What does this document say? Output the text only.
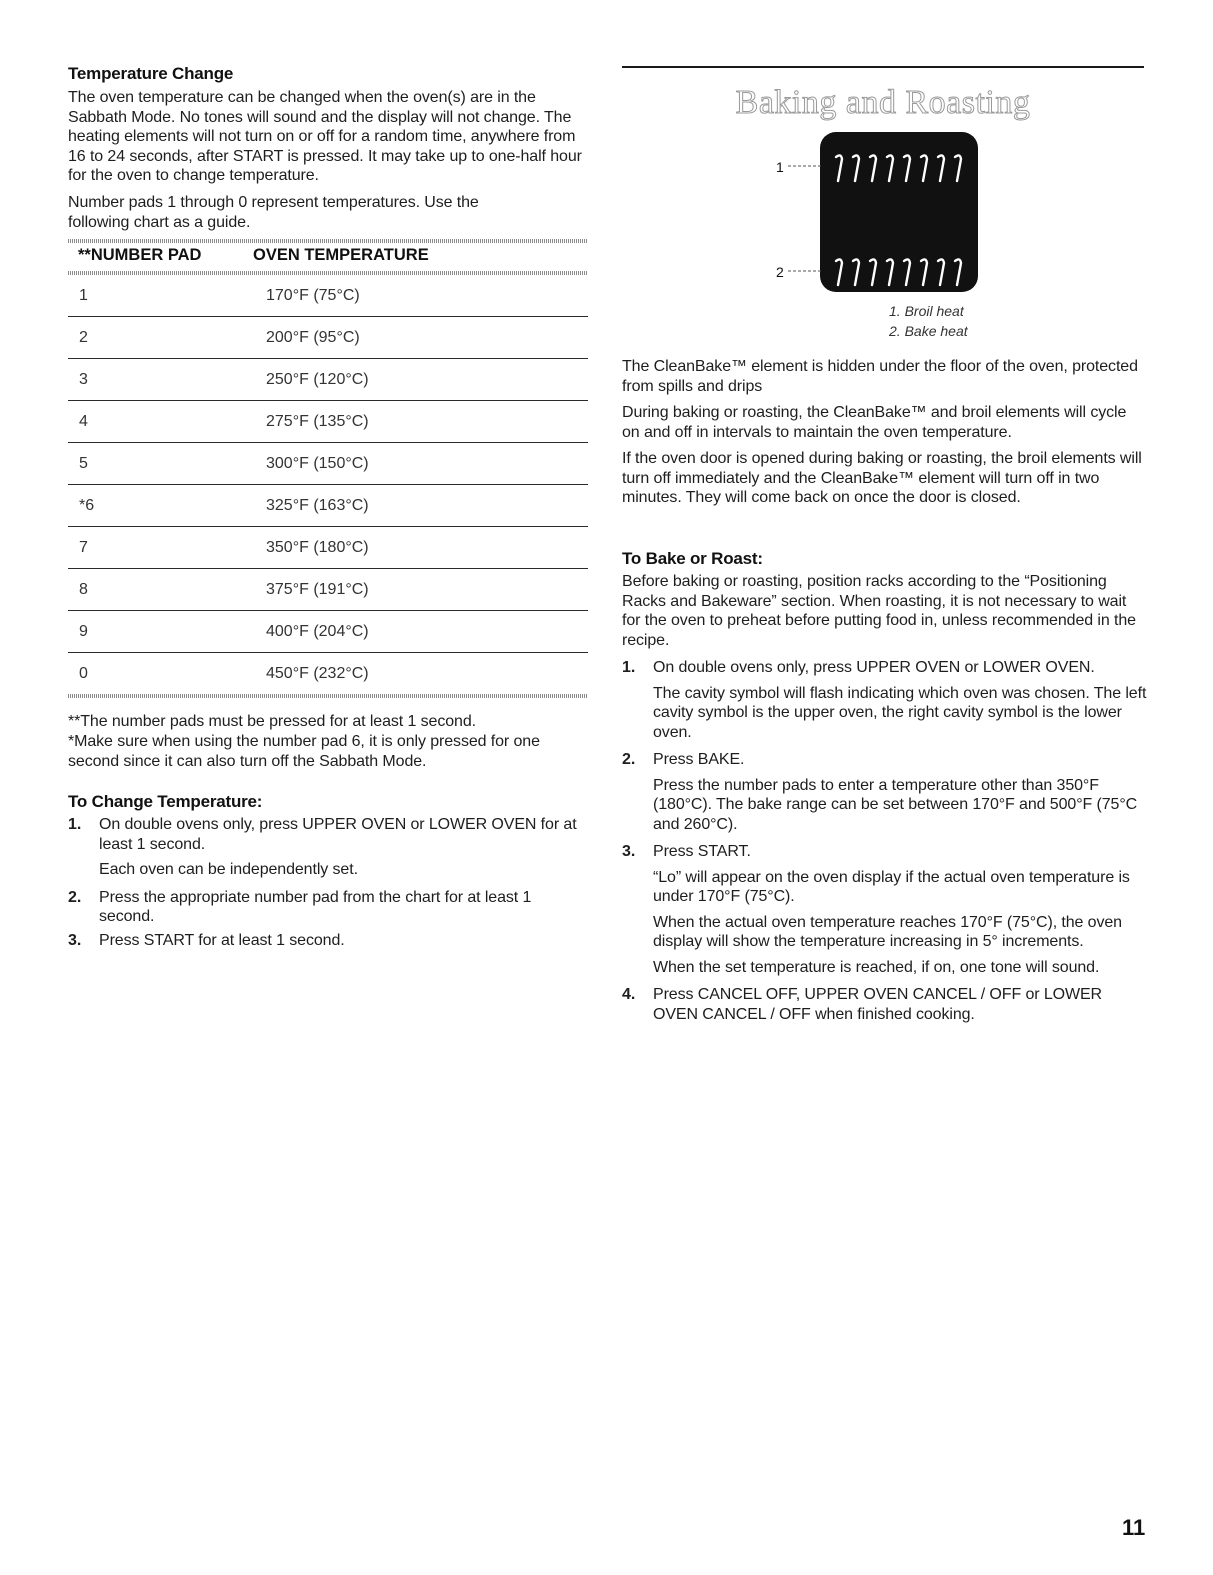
Temperature Change

The oven temperature can be changed when the oven(s) are in the Sabbath Mode. No tones will sound and the display will not change. The heating elements will not turn on or off for a random time, anywhere from 16 to 24 seconds, after START is pressed. It may take up to one-half hour for the oven to change temperature.

Number pads 1 through 0 represent temperatures. Use the following chart as a guide.

**NUMBER PAD	OVEN TEMPERATURE
1	170°F (75°C)
2	200°F (95°C)
3	250°F (120°C)
4	275°F (135°C)
5	300°F (150°C)
*6	325°F (163°C)
7	350°F (180°C)
8	375°F (191°C)
9	400°F (204°C)
0	450°F (232°C)

**The number pads must be pressed for at least 1 second.

*Make sure when using the number pad 6, it is only pressed for one second since it can also turn off the Sabbath Mode.

To Change Temperature:
1. On double ovens only, press UPPER OVEN or LOWER OVEN for at least 1 second.

Each oven can be independently set.

2. Press the appropriate number pad from the chart for at least 1 second.

3. Press START for at least 1 second.

Baking and Roasting
1
2
1. Broil heat
2. Bake heat

The CleanBake™ element is hidden under the floor of the oven, protected from spills and drips

During baking or roasting, the CleanBake™ and broil elements will cycle on and off in intervals to maintain the oven temperature.

If the oven door is opened during baking or roasting, the broil elements will turn off immediately and the CleanBake™ element will turn off in two minutes. They will come back on once the door is closed.

To Bake or Roast:

Before baking or roasting, position racks according to the “Positioning Racks and Bakeware” section. When roasting, it is not necessary to wait for the oven to preheat before putting food in, unless recommended in the recipe.

1. On double ovens only, press UPPER OVEN or LOWER OVEN.

The cavity symbol will flash indicating which oven was chosen. The left cavity symbol is the upper oven, the right cavity symbol is the lower oven.

2. Press BAKE.

Press the number pads to enter a temperature other than 350°F (180°C). The bake range can be set between 170°F and 500°F (75°C and 260°C).

3. Press START.

“Lo” will appear on the oven display if the actual oven temperature is under 170°F (75°C).

When the actual oven temperature reaches 170°F (75°C), the oven display will show the temperature increasing in 5° increments.

When the set temperature is reached, if on, one tone will sound.

4. Press CANCEL OFF, UPPER OVEN CANCEL / OFF or LOWER OVEN CANCEL / OFF when finished cooking.

11
